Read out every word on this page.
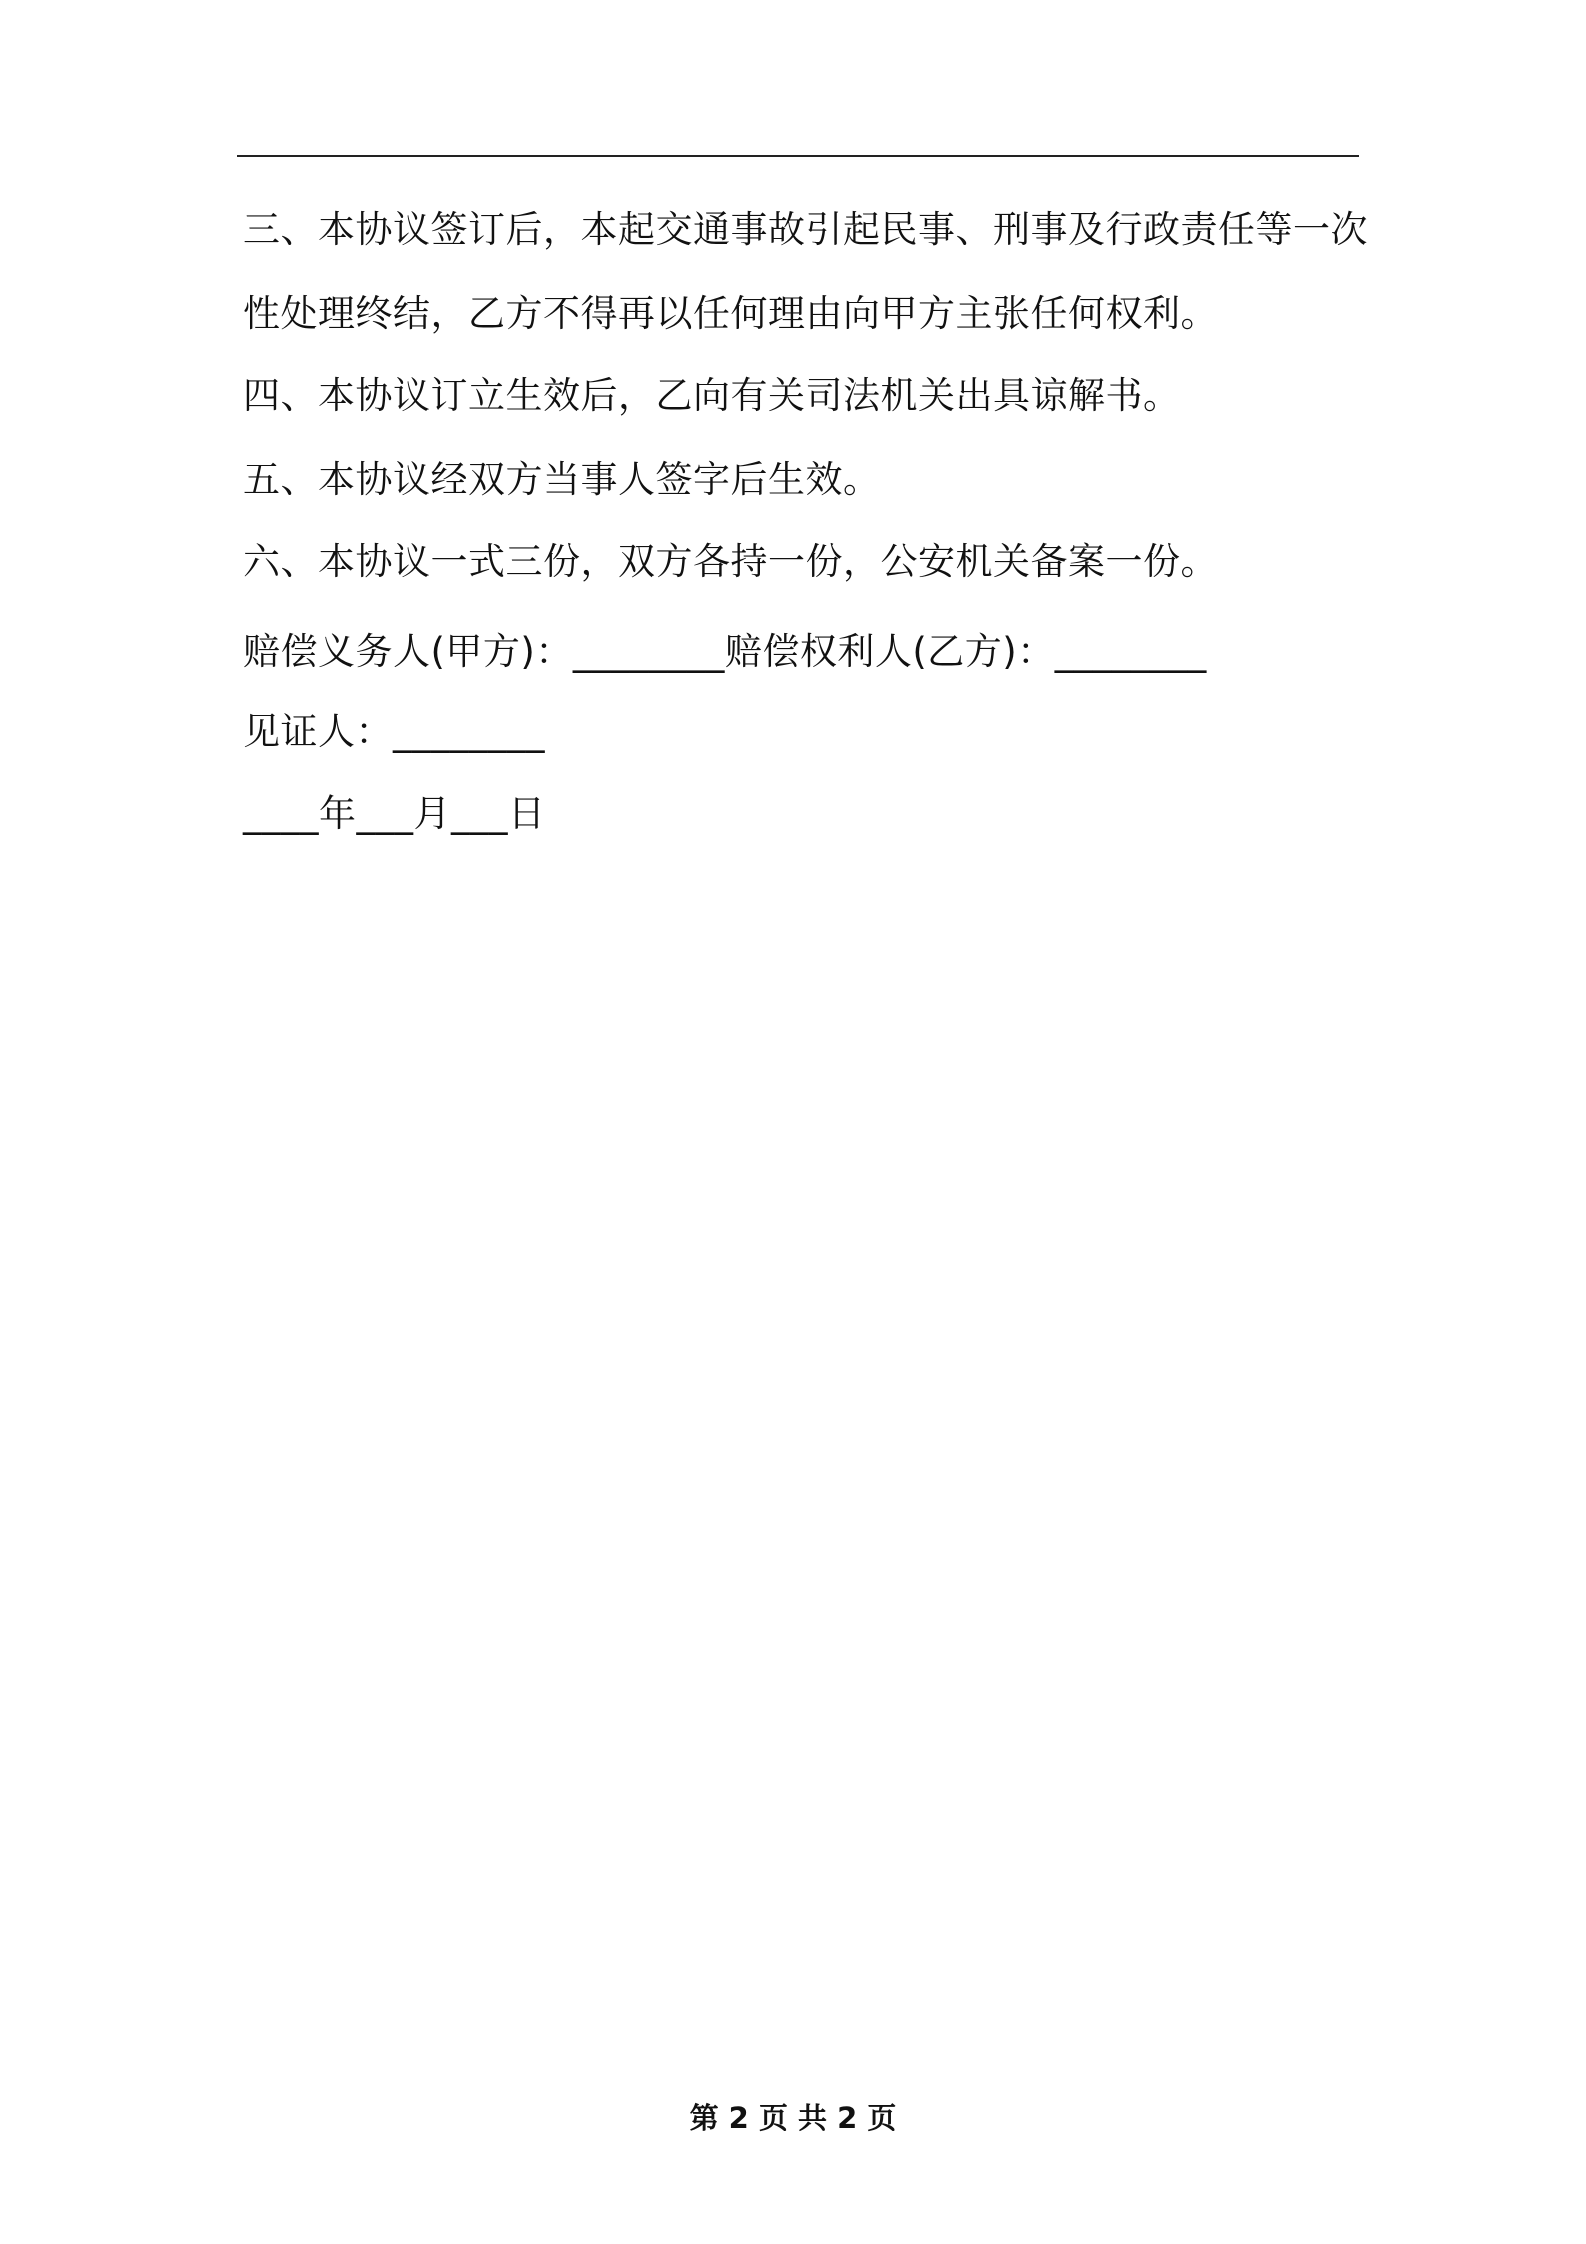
三、本协议签订后，本起交通事故引起民事、刑事及行政责任等一次
性处理终结，乙方不得再以任何理由向甲方主张任何权利。
四、本协议订立生效后，乙向有关司法机关出具谅解书。
五、本协议经双方当事人签字后生效。
六、本协议一式三份，双方各持一份，公安机关备案一份。
赔偿义务人(甲方)：________赔偿权利人(乙方)：________
见证人：________
____年___月___日
第 2 页 共 2 页
